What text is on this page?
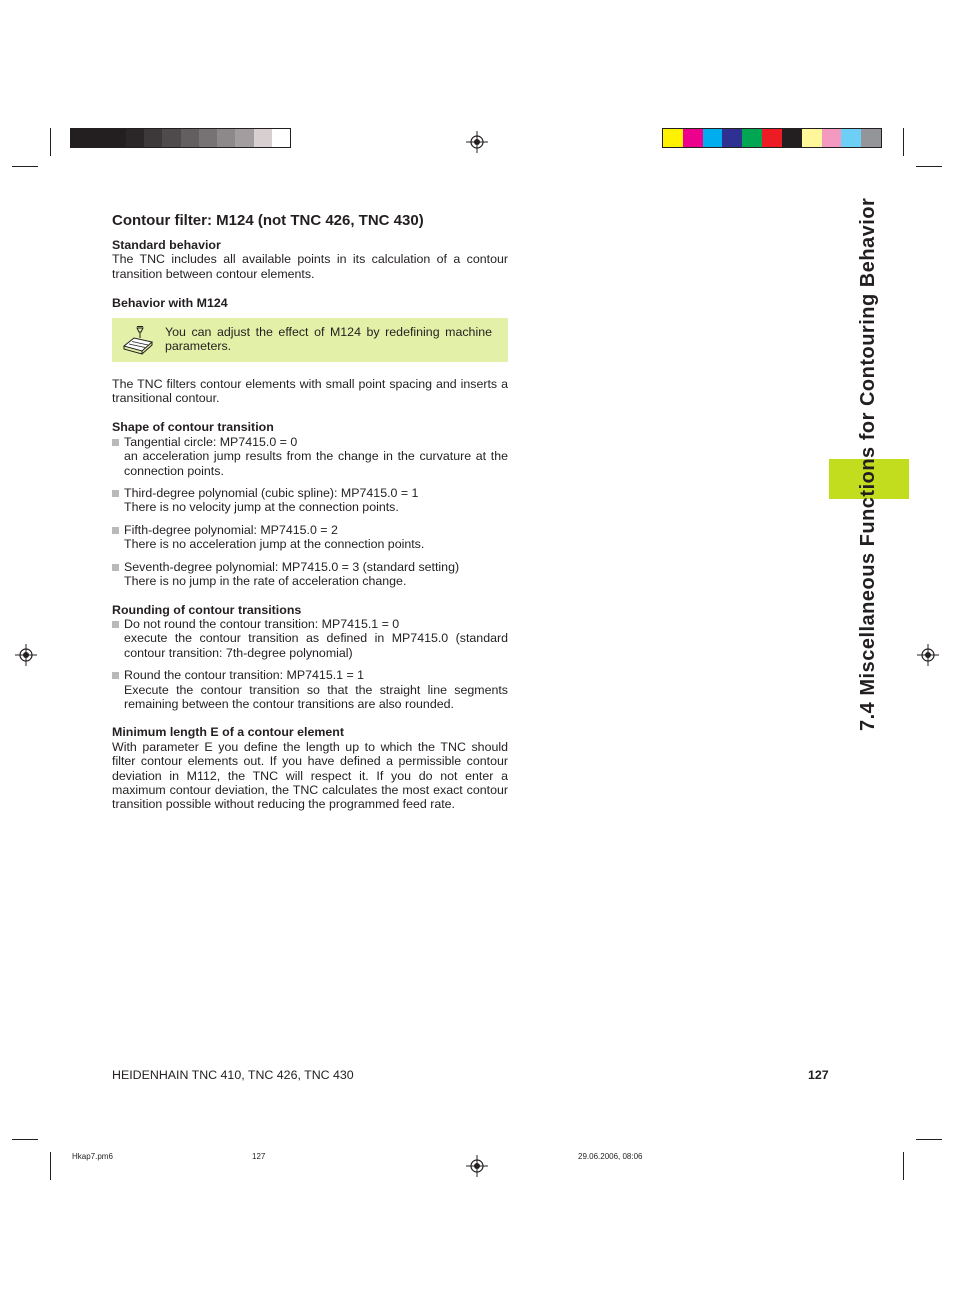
Contour filter: M124 (not TNC 426, TNC 430)
Standard behavior

The TNC includes all available points in its calculation of a contour transition between contour elements.

Behavior with M124

You can adjust the effect of M124 by redefining machine parameters.

The TNC filters contour elements with small point spacing and inserts a transitional contour.

Shape of contour transition
Tangential circle: MP7415.0 = 0

an acceleration jump results from the change in the curvature at the connection points.

Third-degree polynomial (cubic spline): MP7415.0 = 1

There is no velocity jump at the connection points.

Fifth-degree polynomial: MP7415.0 = 2

There is no acceleration jump at the connection points.

Seventh-degree polynomial: MP7415.0 = 3 (standard setting)

There is no jump in the rate of acceleration change.

Rounding of contour transitions
Do not round the contour transition: MP7415.1 = 0

execute the contour transition as defined in MP7415.0 (standard contour transition: 7th-degree polynomial)

Round the contour transition: MP7415.1 = 1

Execute the contour transition so that the straight line segments remaining between the contour transitions are also rounded.

Minimum length E of a contour element

With parameter E you define the length up to which the TNC should filter contour elements out. If you have defined a permissible contour deviation in M112, the TNC will respect it. If you do not enter a maximum contour deviation, the TNC calculates the most exact contour transition possible without reducing the programmed feed rate.

7.4 Miscellaneous Functions for Contouring Behavior
HEIDENHAIN TNC 410, TNC 426, TNC 430	127
Hkap7.pm6	127	29.06.2006, 08:06
